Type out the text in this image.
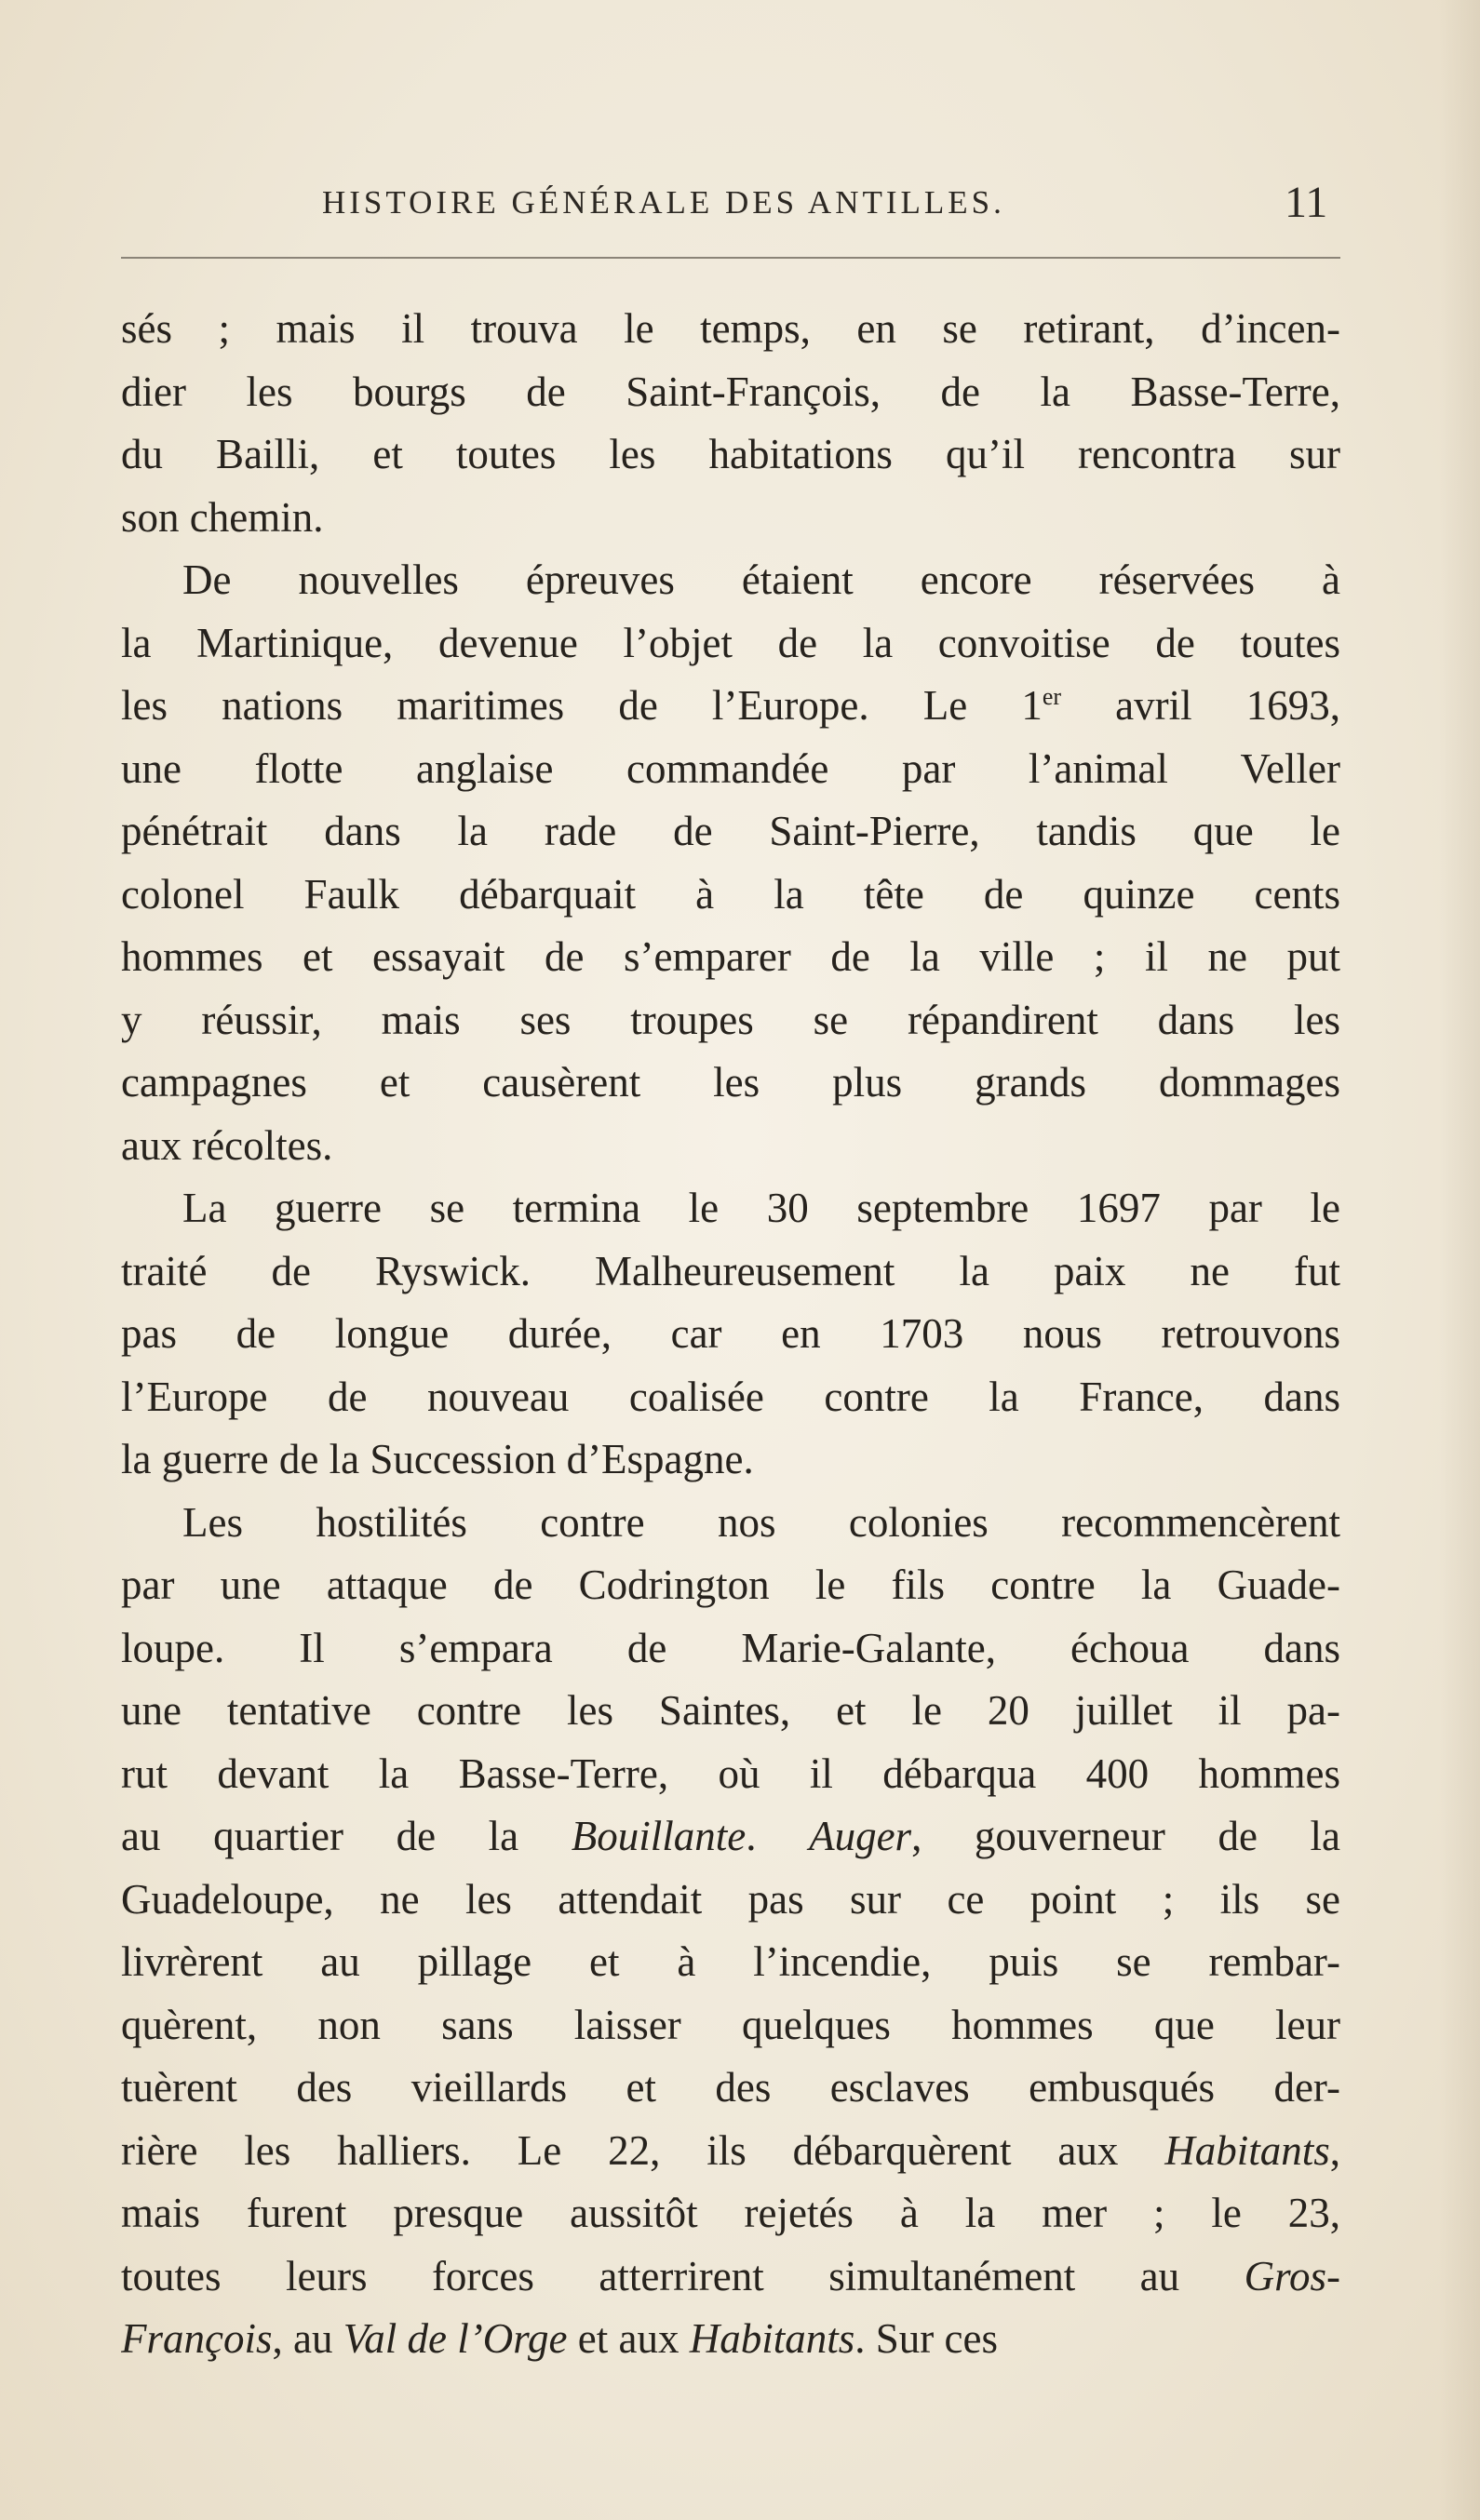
HISTOIRE GÉNÉRALE DES ANTILLES.	11
sés ; mais il trouva le temps, en se retirant, d’incen-
dier les bourgs de Saint-François, de la Basse-Terre,
du Bailli, et toutes les habitations qu’il rencontra sur
son chemin.
De nouvelles épreuves étaient encore réservées à
la Martinique, devenue l’objet de la convoitise de toutes
les nations maritimes de l’Europe. Le 1er avril 1693,
une flotte anglaise commandée par l’animal Veller
pénétrait dans la rade de Saint-Pierre, tandis que le
colonel Faulk débarquait à la tête de quinze cents
hommes et essayait de s’emparer de la ville ; il ne put
y réussir, mais ses troupes se répandirent dans les
campagnes et causèrent les plus grands dommages
aux récoltes.
La guerre se termina le 30 septembre 1697 par le
traité de Ryswick. Malheureusement la paix ne fut
pas de longue durée, car en 1703 nous retrouvons
l’Europe de nouveau coalisée contre la France, dans
la guerre de la Succession d’Espagne.
Les hostilités contre nos colonies recommencèrent
par une attaque de Codrington le fils contre la Guade-
loupe. Il s’empara de Marie-Galante, échoua dans
une tentative contre les Saintes, et le 20 juillet il pa-
rut devant la Basse-Terre, où il débarqua 400 hommes
au quartier de la Bouillante. Auger, gouverneur de la
Guadeloupe, ne les attendait pas sur ce point ; ils se
livrèrent au pillage et à l’incendie, puis se rembar-
quèrent, non sans laisser quelques hommes que leur
tuèrent des vieillards et des esclaves embusqués der-
rière les halliers. Le 22, ils débarquèrent aux Habitants,
mais furent presque aussitôt rejetés à la mer ; le 23,
toutes leurs forces atterrirent simultanément au Gros-
François, au Val de l’Orge et aux Habitants. Sur ces
